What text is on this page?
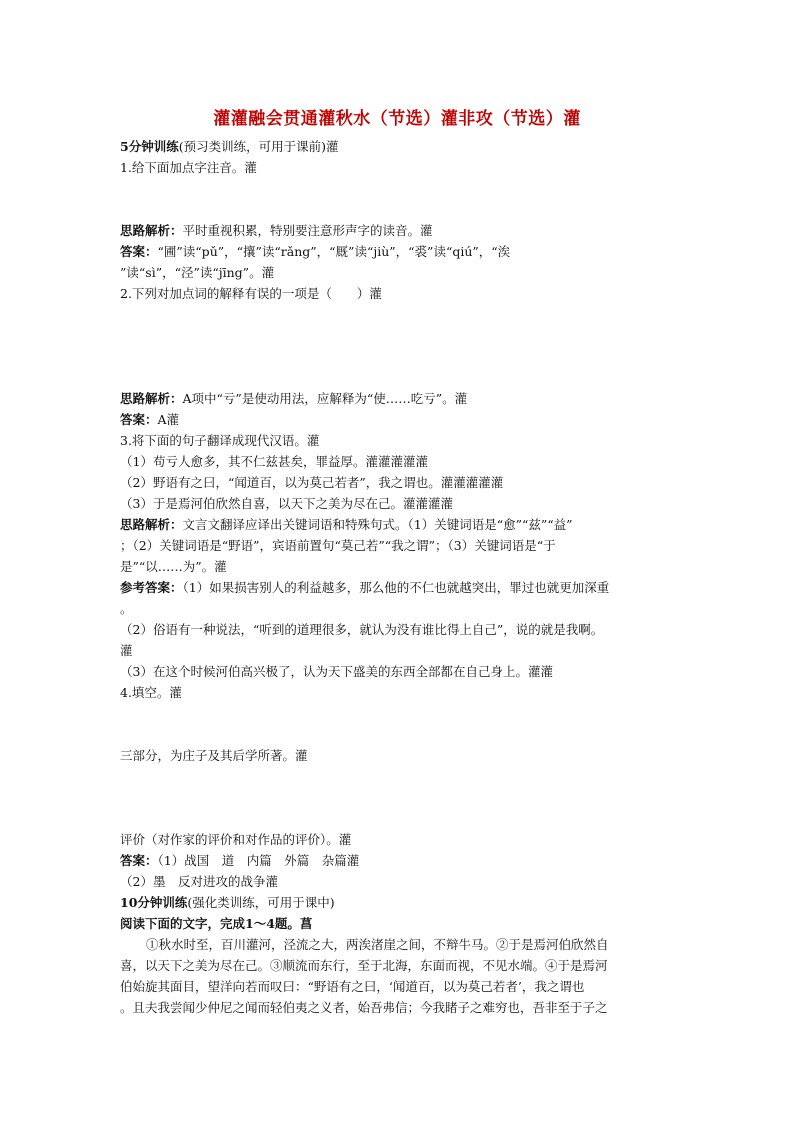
灌灌融会贯通灌秋水（节选）灌非攻（节选）灌
5分钟训练(预习类训练，可用于课前)灌
1.给下面加点字注音。灌
思路解析：平时重视积累，特别要注意形声字的读音。灌
答案：“圃”读“pǔ”，“攘”读“rǎng”，“厩”读“jiù”，“裘”读“qiú”，“涘
”读“sì”，“泾”读“jīng”。灌
2.下列对加点词的解释有误的一项是（　　）灌
思路解析：A项中“亏”是使动用法，应解释为“使……吃亏”。灌
答案：A灌
3.将下面的句子翻译成现代汉语。灌
（1）苟亏人愈多，其不仁兹甚矣，罪益厚。灌灌灌灌灌
（2）野语有之曰，“闻道百，以为莫己若者”，我之谓也。灌灌灌灌灌
（3）于是焉河伯欣然自喜，以天下之美为尽在己。灌灌灌灌
思路解析：文言文翻译应译出关键词语和特殊句式。（1）关键词语是“愈”“兹”“益”
；（2）关键词语是“野语”，宾语前置句“莫己若”“我之谓”；（3）关键词语是“于
是”“以……为”。灌
参考答案：（1）如果损害别人的利益越多，那么他的不仁也就越突出，罪过也就更加深重
。
（2）俗语有一种说法，“听到的道理很多，就认为没有谁比得上自己”，说的就是我啊。
灌
（3）在这个时候河伯高兴极了，认为天下盛美的东西全部都在自己身上。灌灌
4.填空。灌
三部分，为庄子及其后学所著。灌
评价（对作家的评价和对作品的评价）。灌
答案：（1）战国　道　内篇　外篇　杂篇灌
（2）墨　反对进攻的战争灌
10分钟训练(强化类训练，可用于课中)
阅读下面的文字，完成1～4题。菖
①秋水时至，百川灌河，泾流之大，两涘渚崖之间，不辩牛马。②于是焉河伯欣然自
喜，以天下之美为尽在己。③顺流而东行，至于北海，东面而视，不见水端。④于是焉河
伯始旋其面目，望洋向若而叹曰：“野语有之曰，‘闻道百，以为莫己若者’，我之谓也
。且夫我尝闻少仲尼之闻而轻伯夷之义者，始吾弗信；今我睹子之难穷也，吾非至于子之
